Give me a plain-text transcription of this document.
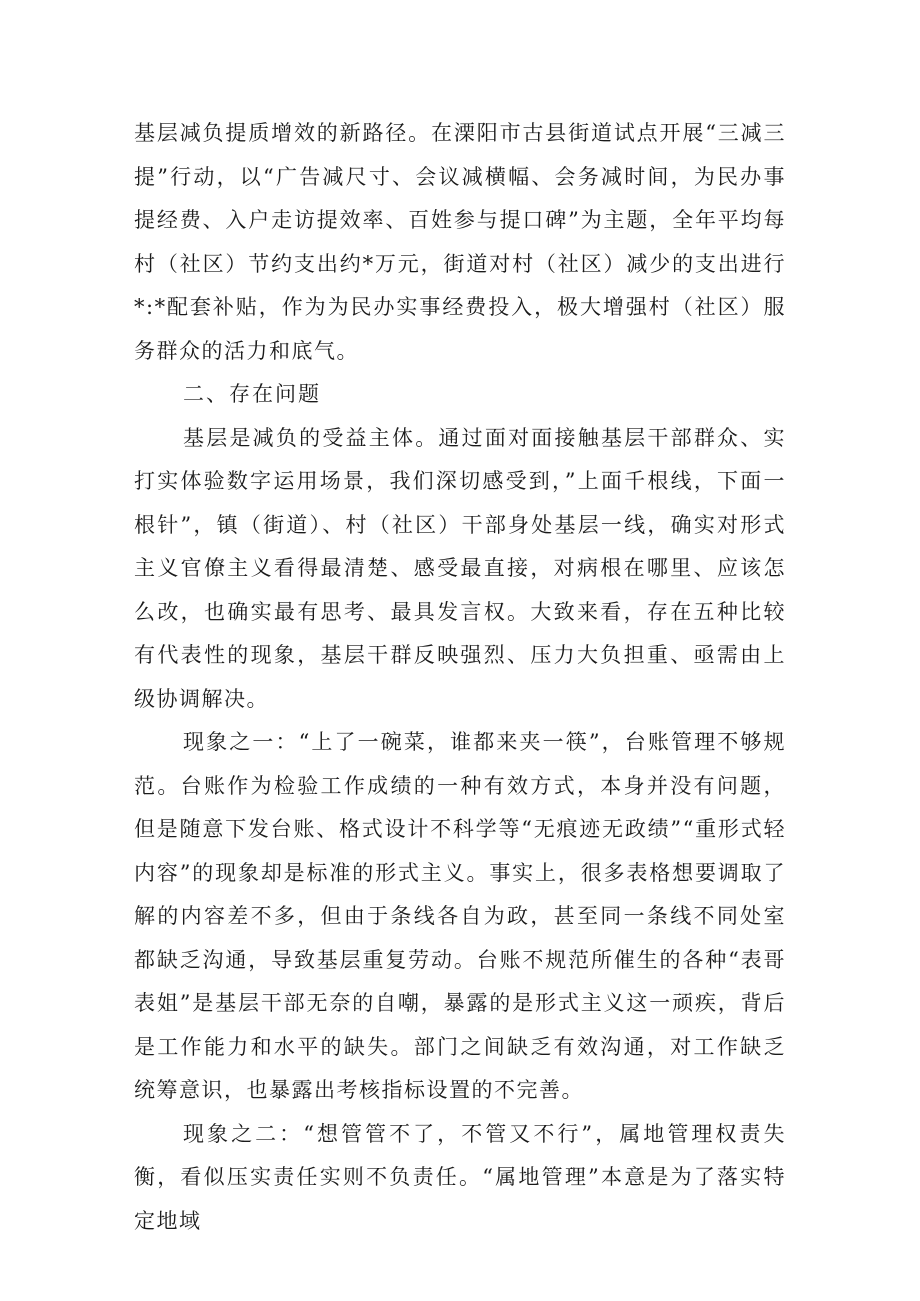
基层减负提质增效的新路径。在溧阳市古县街道试点开展“三减三提”行动，以“广告减尺寸、会议减横幅、会务减时间，为民办事提经费、入户走访提效率、百姓参与提口碑”为主题，全年平均每村（社区）节约支出约*万元，街道对村（社区）减少的支出进行*:*配套补贴，作为为民办实事经费投入，极大增强村（社区）服务群众的活力和底气。

二、存在问题

基层是减负的受益主体。通过面对面接触基层干部群众、实打实体验数字运用场景，我们深切感受到，”上面千根线，下面一根针”，镇（街道）、村（社区）干部身处基层一线，确实对形式主义官僚主义看得最清楚、感受最直接，对病根在哪里、应该怎么改，也确实最有思考、最具发言权。大致来看，存在五种比较有代表性的现象，基层干群反映强烈、压力大负担重、亟需由上级协调解决。

现象之一：“上了一碗菜，谁都来夹一筷”，台账管理不够规范。台账作为检验工作成绩的一种有效方式，本身并没有问题，但是随意下发台账、格式设计不科学等“无痕迹无政绩”“重形式轻内容”的现象却是标准的形式主义。事实上，很多表格想要调取了解的内容差不多，但由于条线各自为政，甚至同一条线不同处室都缺乏沟通，导致基层重复劳动。台账不规范所催生的各种“表哥表姐”是基层干部无奈的自嘲，暴露的是形式主义这一顽疾，背后是工作能力和水平的缺失。部门之间缺乏有效沟通，对工作缺乏统筹意识，也暴露出考核指标设置的不完善。

现象之二：“想管管不了，不管又不行”，属地管理权责失衡，看似压实责任实则不负责任。“属地管理”本意是为了落实特定地域
